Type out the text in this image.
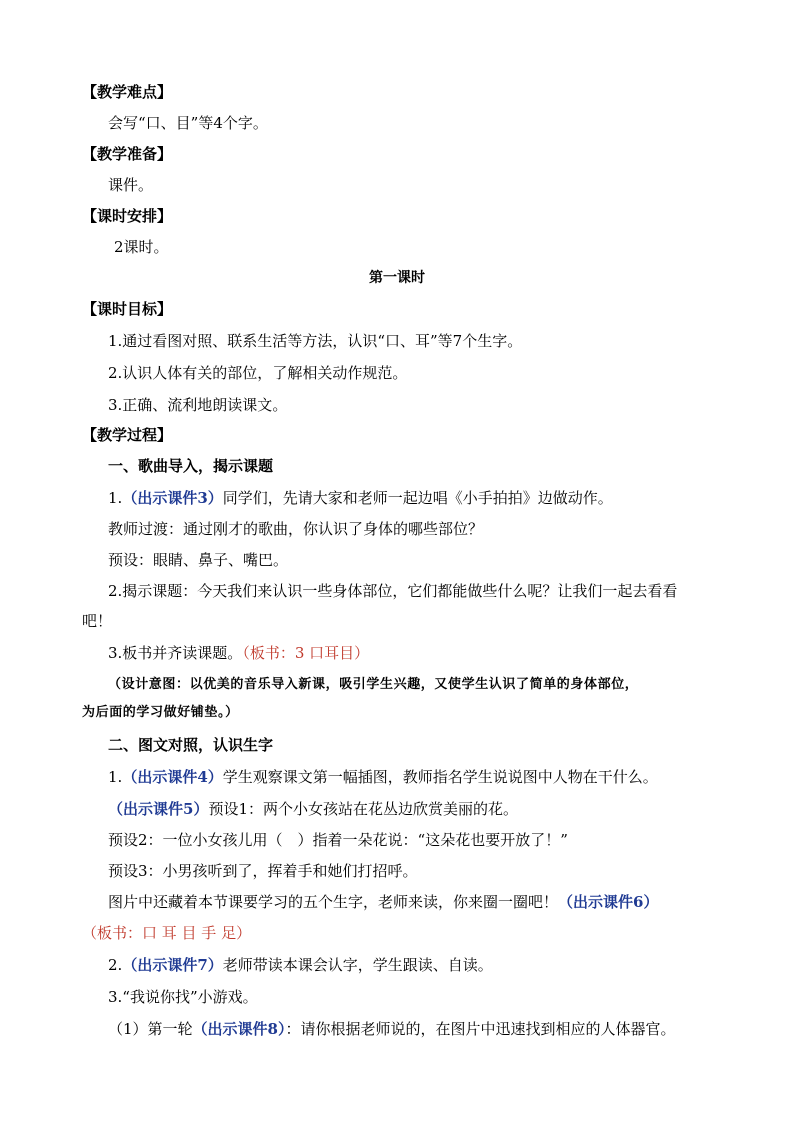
【教学难点】
会写“口、目”等4个字。
【教学准备】
课件。
【课时安排】
2课时。
第一课时
【课时目标】
1.通过看图对照、联系生活等方法，认识“口、耳”等7个生字。
2.认识人体有关的部位，了解相关动作规范。
3.正确、流利地朗读课文。
【教学过程】
一、歌曲导入，揭示课题
1.（出示课件3）同学们，先请大家和老师一起边唱《小手拍拍》边做动作。
教师过渡：通过刚才的歌曲，你认识了身体的哪些部位？
预设：眼睛、鼻子、嘴巴。
2.揭示课题：今天我们来认识一些身体部位，它们都能做些什么呢？让我们一起去看看
吧！
3.板书并齐读课题。（板书：3 口耳目）
（设计意图：以优美的音乐导入新课，吸引学生兴趣，又使学生认识了简单的身体部位，
为后面的学习做好铺垫。）
二、图文对照，认识生字
1.（出示课件4）学生观察课文第一幅插图，教师指名学生说说图中人物在干什么。
（出示课件5）预设1：两个小女孩站在花丛边欣赏美丽的花。
预设2：一位小女孩儿用（　）指着一朵花说：“这朵花也要开放了！”
预设3：小男孩听到了，挥着手和她们打招呼。
图片中还藏着本节课要学习的五个生字，老师来读，你来圈一圈吧！（出示课件6）
（板书：口 耳 目 手 足）
2.（出示课件7）老师带读本课会认字，学生跟读、自读。
3.“我说你找”小游戏。
（1）第一轮（出示课件8）：请你根据老师说的，在图片中迅速找到相应的人体器官。
